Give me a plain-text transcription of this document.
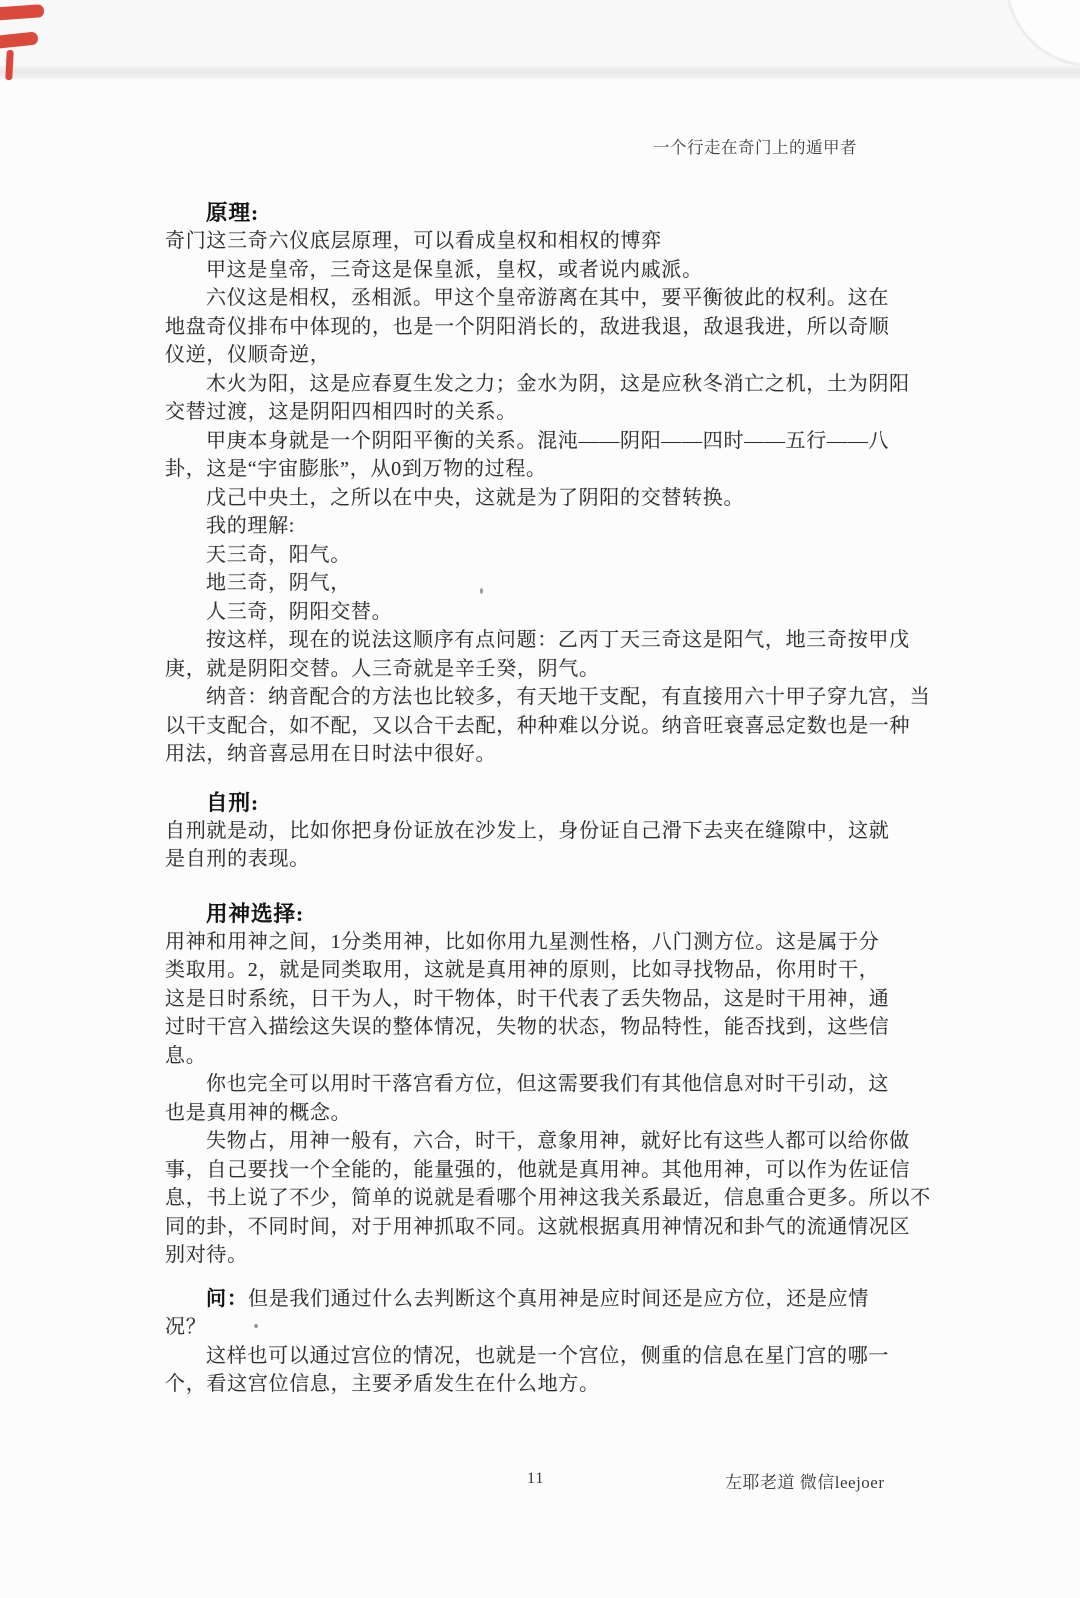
一个行走在奇门上的遁甲者
原理:
奇门这三奇六仪底层原理，可以看成皇权和相权的博弈
甲这是皇帝，三奇这是保皇派，皇权，或者说内戚派。
六仪这是相权，丞相派。甲这个皇帝游离在其中，要平衡彼此的权利。这在
地盘奇仪排布中体现的，也是一个阴阳消长的，敌进我退，敌退我进，所以奇顺
仪逆，仪顺奇逆，
木火为阳，这是应春夏生发之力；金水为阴，这是应秋冬消亡之机，土为阴阳
交替过渡，这是阴阳四相四时的关系。
甲庚本身就是一个阴阳平衡的关系。混沌——阴阳——四时——五行——八
卦，这是“宇宙膨胀”，从0到万物的过程。
戊己中央土，之所以在中央，这就是为了阴阳的交替转换。
我的理解:
天三奇，阳气。
地三奇，阴气，
人三奇，阴阳交替。
按这样，现在的说法这顺序有点问题：乙丙丁天三奇这是阳气，地三奇按甲戊
庚，就是阴阳交替。人三奇就是辛壬癸，阴气。
纳音：纳音配合的方法也比较多，有天地干支配，有直接用六十甲子穿九宫，当
以干支配合，如不配，又以合干去配，种种难以分说。纳音旺衰喜忌定数也是一种
用法，纳音喜忌用在日时法中很好。
自刑:
自刑就是动，比如你把身份证放在沙发上，身份证自己滑下去夹在缝隙中，这就
是自刑的表现。
用神选择:
用神和用神之间，1分类用神，比如你用九星测性格，八门测方位。这是属于分
类取用。2，就是同类取用，这就是真用神的原则，比如寻找物品，你用时干，
这是日时系统，日干为人，时干物体，时干代表了丢失物品，这是时干用神，通
过时干宫入描绘这失误的整体情况，失物的状态，物品特性，能否找到，这些信
息。
你也完全可以用时干落宫看方位，但这需要我们有其他信息对时干引动，这
也是真用神的概念。
失物占，用神一般有，六合，时干，意象用神，就好比有这些人都可以给你做
事，自己要找一个全能的，能量强的，他就是真用神。其他用神，可以作为佐证信
息，书上说了不少，简单的说就是看哪个用神这我关系最近，信息重合更多。所以不
同的卦，不同时间，对于用神抓取不同。这就根据真用神情况和卦气的流通情况区
别对待。
问：但是我们通过什么去判断这个真用神是应时间还是应方位，还是应情
况？
这样也可以通过宫位的情况，也就是一个宫位，侧重的信息在星门宫的哪一
个，看这宫位信息，主要矛盾发生在什么地方。
11	左耶老道 微信leejoer
